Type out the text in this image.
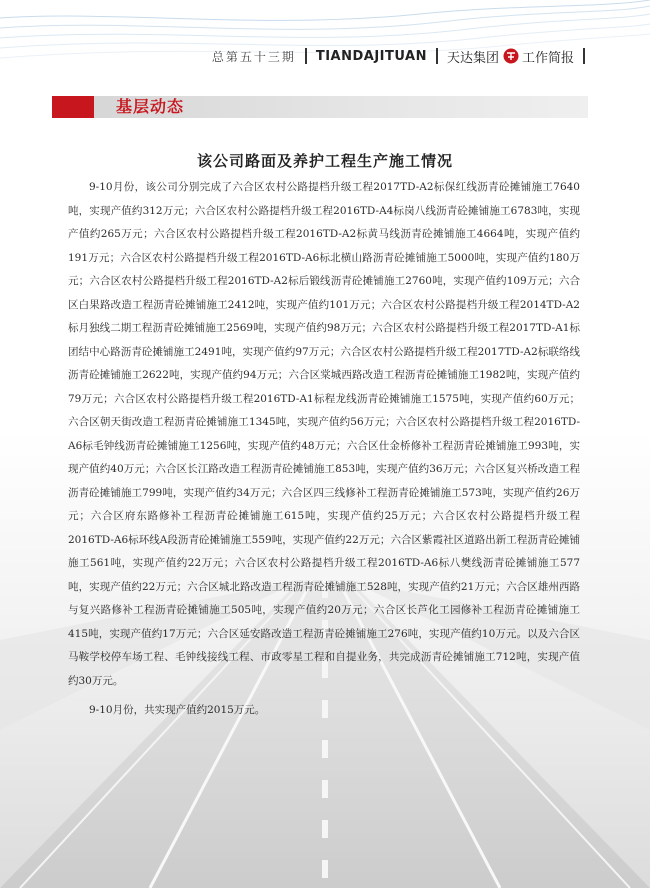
总第五十三期 TIANDAJITUAN 天达集团 工作简报
基层动态
该公司路面及养护工程生产施工情况

9-10月份，该公司分别完成了六合区农村公路提档升级工程2017TD-A2标保红线沥青砼摊铺施工7640吨，实现产值约312万元；六合区农村公路提档升级工程2016TD-A4标岗八线沥青砼摊铺施工6783吨，实现产值约265万元；六合区农村公路提档升级工程2016TD-A2标黄马线沥青砼摊铺施工4664吨，实现产值约191万元；六合区农村公路提档升级工程2016TD-A6标北横山路沥青砼摊铺施工5000吨，实现产值约180万元；六合区农村公路提档升级工程2016TD-A2标后锻线沥青砼摊铺施工2760吨，实现产值约109万元；六合区白果路改造工程沥青砼摊铺施工2412吨，实现产值约101万元；六合区农村公路提档升级工程2014TD-A2标月独线二期工程沥青砼摊铺施工2569吨，实现产值约98万元；六合区农村公路提档升级工程2017TD-A1标团结中心路沥青砼摊铺施工2491吨，实现产值约97万元；六合区农村公路提档升级工程2017TD-A2标联络线沥青砼摊铺施工2622吨，实现产值约94万元；六合区棠城西路改造工程沥青砼摊铺施工1982吨，实现产值约79万元；六合区农村公路提档升级工程2016TD-A1标程龙线沥青砼摊铺施工1575吨，实现产值约60万元；六合区朝天街改造工程沥青砼摊铺施工1345吨，实现产值约56万元；六合区农村公路提档升级工程2016TD-A6标毛钟线沥青砼摊铺施工1256吨，实现产值约48万元；六合区仕金桥修补工程沥青砼摊铺施工993吨，实现产值约40万元；六合区长江路改造工程沥青砼摊铺施工853吨，实现产值约36万元；六合区复兴桥改造工程沥青砼摊铺施工799吨，实现产值约34万元；六合区四三线修补工程沥青砼摊铺施工573吨，实现产值约26万元；六合区府东路修补工程沥青砼摊铺施工615吨，实现产值约25万元；六合区农村公路提档升级工程2016TD-A6标环线A段沥青砼摊铺施工559吨，实现产值约22万元；六合区紫霞社区道路出新工程沥青砼摊铺施工561吨，实现产值约22万元；六合区农村公路提档升级工程2016TD-A6标八樊线沥青砼摊铺施工577吨，实现产值约22万元；六合区城北路改造工程沥青砼摊铺施工528吨，实现产值约21万元；六合区雄州西路与复兴路修补工程沥青砼摊铺施工505吨，实现产值约20万元；六合区长芦化工园修补工程沥青砼摊铺施工415吨，实现产值约17万元；六合区延安路改造工程沥青砼摊铺施工276吨，实现产值约10万元。以及六合区马鞍学校停车场工程、毛钟线接线工程、市政零星工程和自提业务，共完成沥青砼摊铺施工712吨，实现产值约30万元。

9-10月份，共实现产值约2015万元。
